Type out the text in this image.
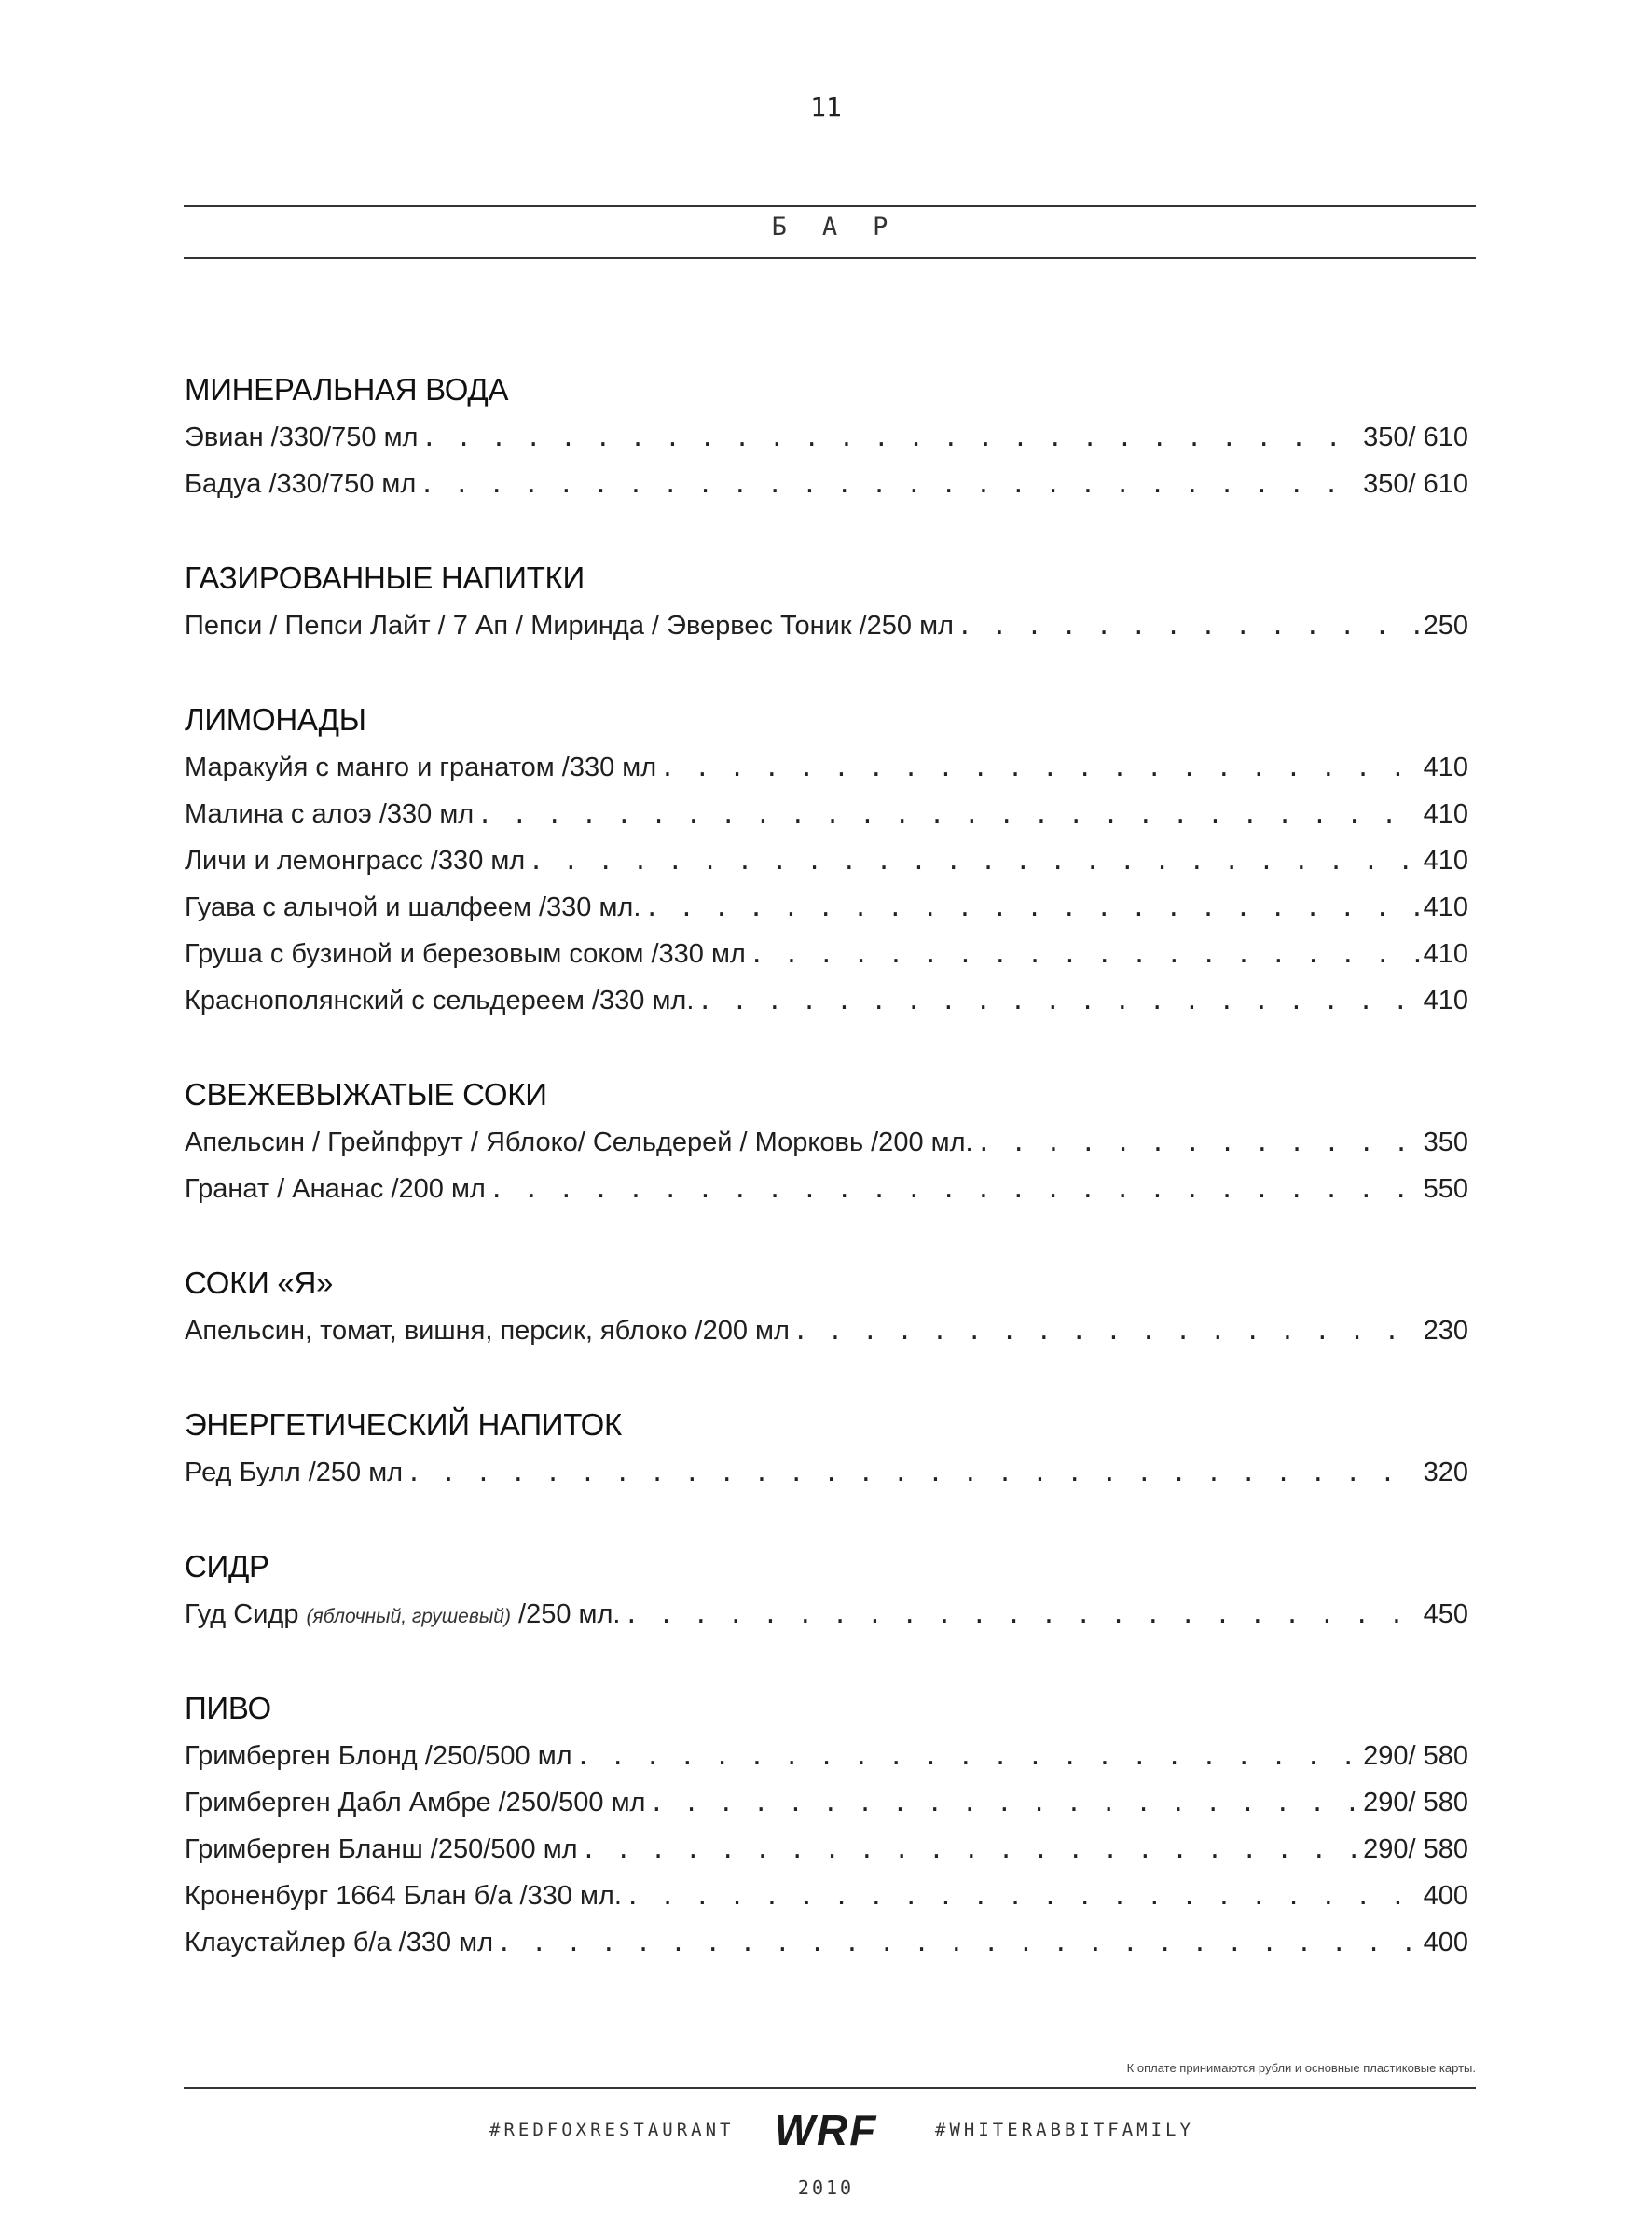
11
БАР
МИНЕРАЛЬНАЯ ВОДА
Эвиан /330/750 мл . . .	350/ 610
Бадуа /330/750 мл . . .	350/ 610
ГАЗИРОВАННЫЕ НАПИТКИ
Пепси / Пепси Лайт / 7 Ап / Миринда / Эвервес Тоник /250 мл . . .	250
ЛИМОНАДЫ
Маракуйя с манго и гранатом /330 мл . . .	410
Малина с алоэ /330 мл . . .	410
Личи и лемонграсс /330 мл . . .	410
Гуава с алычой и шалфеем /330 мл. . . .	410
Груша с бузиной и березовым соком /330 мл . . .	410
Краснополянский с сельдереем /330 мл. . . .	410
СВЕЖЕВЫЖАТЫЕ СОКИ
Апельсин / Грейпфрут / Яблоко/ Сельдерей / Морковь /200 мл. . . .	350
Гранат / Ананас /200 мл . . .	550
СОКИ «Я»
Апельсин, томат, вишня, персик, яблоко /200 мл . . .	230
ЭНЕРГЕТИЧЕСКИЙ НАПИТОК
Ред Булл /250 мл . . .	320
СИДР
Гуд Сидр (яблочный, грушевый) /250 мл. . . .	450
ПИВО
Гримберген Блонд /250/500 мл . . .	290/ 580
Гримберген Дабл Амбре /250/500 мл . . .	290/ 580
Гримберген Бланш /250/500 мл . . .	290/ 580
Кроненбург 1664 Блан б/а /330 мл. . . .	400
Клаустайлер б/а /330 мл . . .	400
К оплате принимаются рубли и основные пластиковые карты.
#REDFOXRESTAURANT WRF	#WHITERABBITFAMILY
2010
